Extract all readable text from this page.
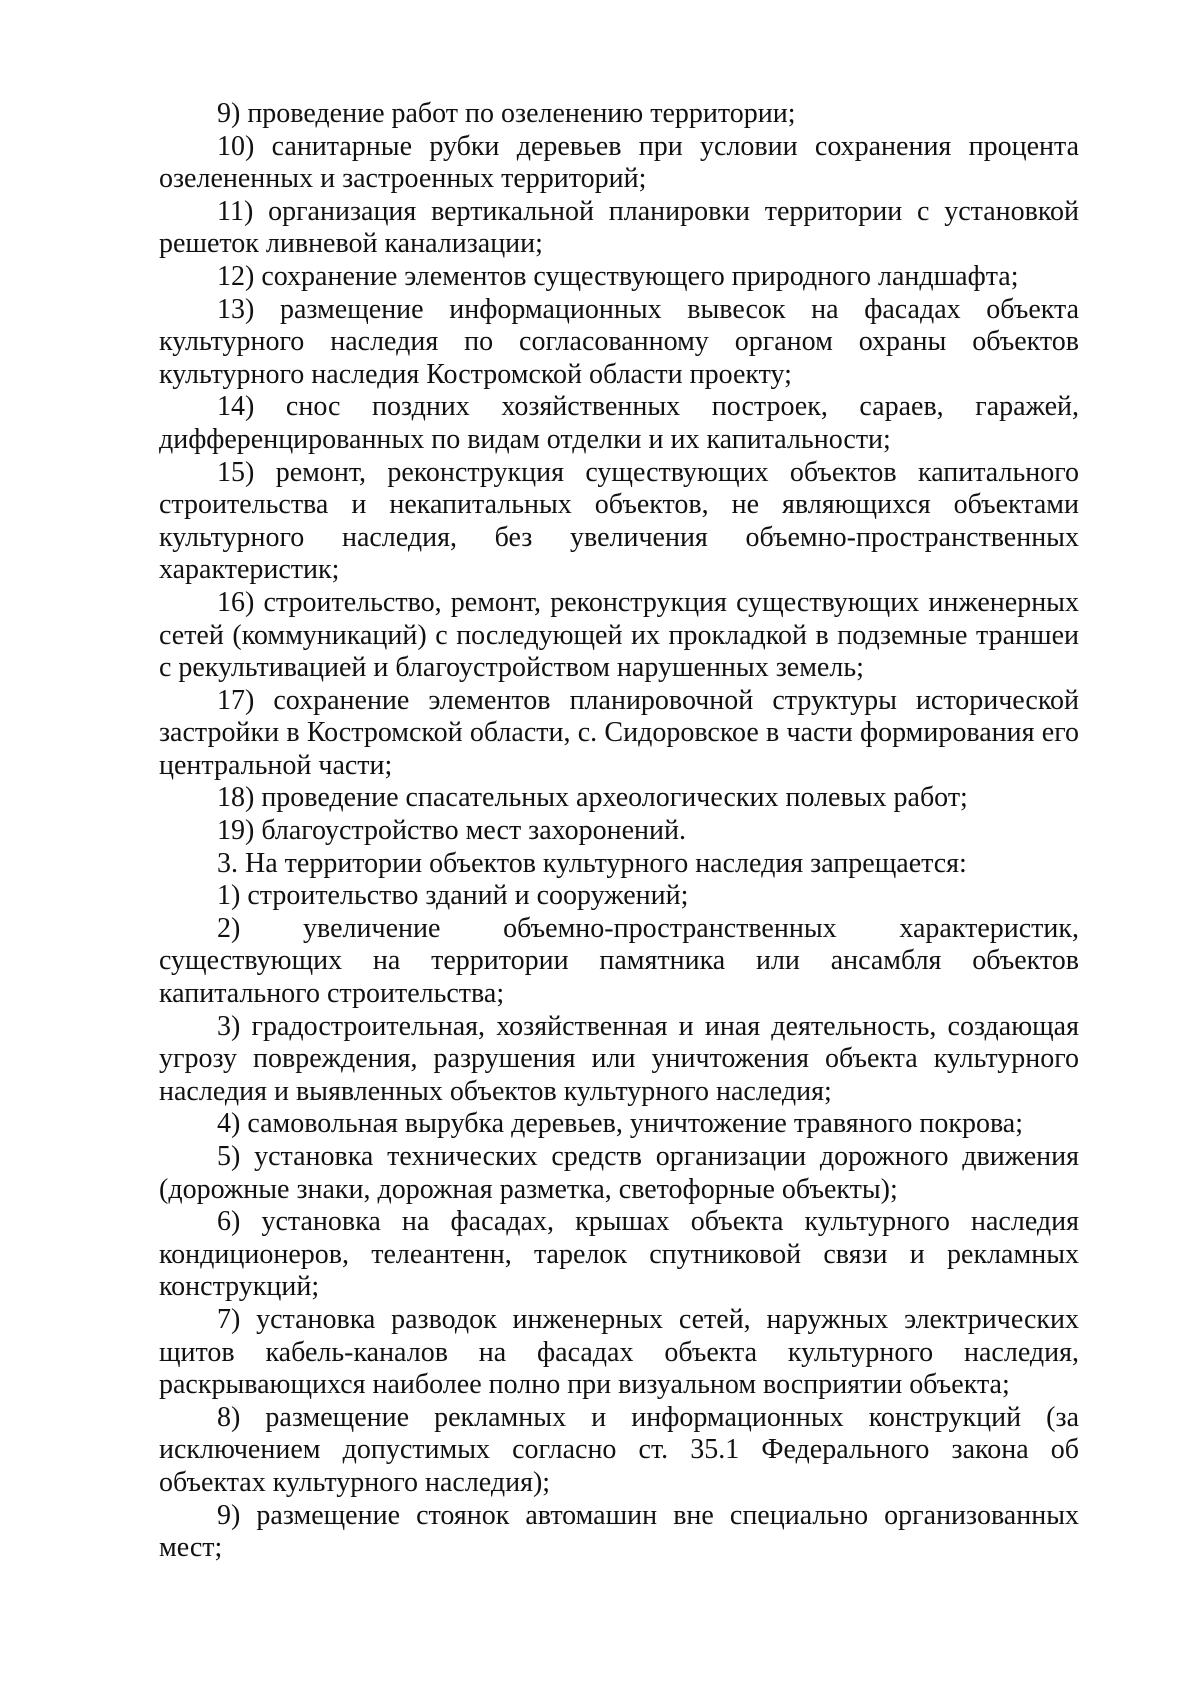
9) проведение работ по озеленению территории;

10) санитарные рубки деревьев при условии сохранения процента озелененных и застроенных территорий;

11) организация вертикальной планировки территории с установкой решеток ливневой канализации;

12) сохранение элементов существующего природного ландшафта;

13) размещение информационных вывесок на фасадах объекта культурного наследия по согласованному органом охраны объектов культурного наследия Костромской области проекту;

14) снос поздних хозяйственных построек, сараев, гаражей, дифференцированных по видам отделки и их капитальности;

15) ремонт, реконструкция существующих объектов капитального строительства и некапитальных объектов, не являющихся объектами культурного наследия, без увеличения объемно-пространственных характеристик;

16) строительство, ремонт, реконструкция существующих инженерных сетей (коммуникаций) с последующей их прокладкой в подземные траншеи с рекультивацией и благоустройством нарушенных земель;

17) сохранение элементов планировочной структуры исторической застройки в Костромской области, с. Сидоровское в части формирования его центральной части;

18) проведение спасательных археологических полевых работ;

19) благоустройство мест захоронений.

3. На территории объектов культурного наследия запрещается:

1) строительство зданий и сооружений;

2) увеличение объемно-пространственных характеристик, существующих на территории памятника или ансамбля объектов капитального строительства;

3) градостроительная, хозяйственная и иная деятельность, создающая угрозу повреждения, разрушения или уничтожения объекта культурного наследия и выявленных объектов культурного наследия;

4) самовольная вырубка деревьев, уничтожение травяного покрова;

5) установка технических средств организации дорожного движения (дорожные знаки, дорожная разметка, светофорные объекты);

6) установка на фасадах, крышах объекта культурного наследия кондиционеров, телеантенн, тарелок спутниковой связи и рекламных конструкций;

7) установка разводок инженерных сетей, наружных электрических щитов кабель-каналов на фасадах объекта культурного наследия, раскрывающихся наиболее полно при визуальном восприятии объекта;

8) размещение рекламных и информационных конструкций (за исключением допустимых согласно ст. 35.1 Федерального закона об объектах культурного наследия);

9) размещение стоянок автомашин вне специально организованных мест;
